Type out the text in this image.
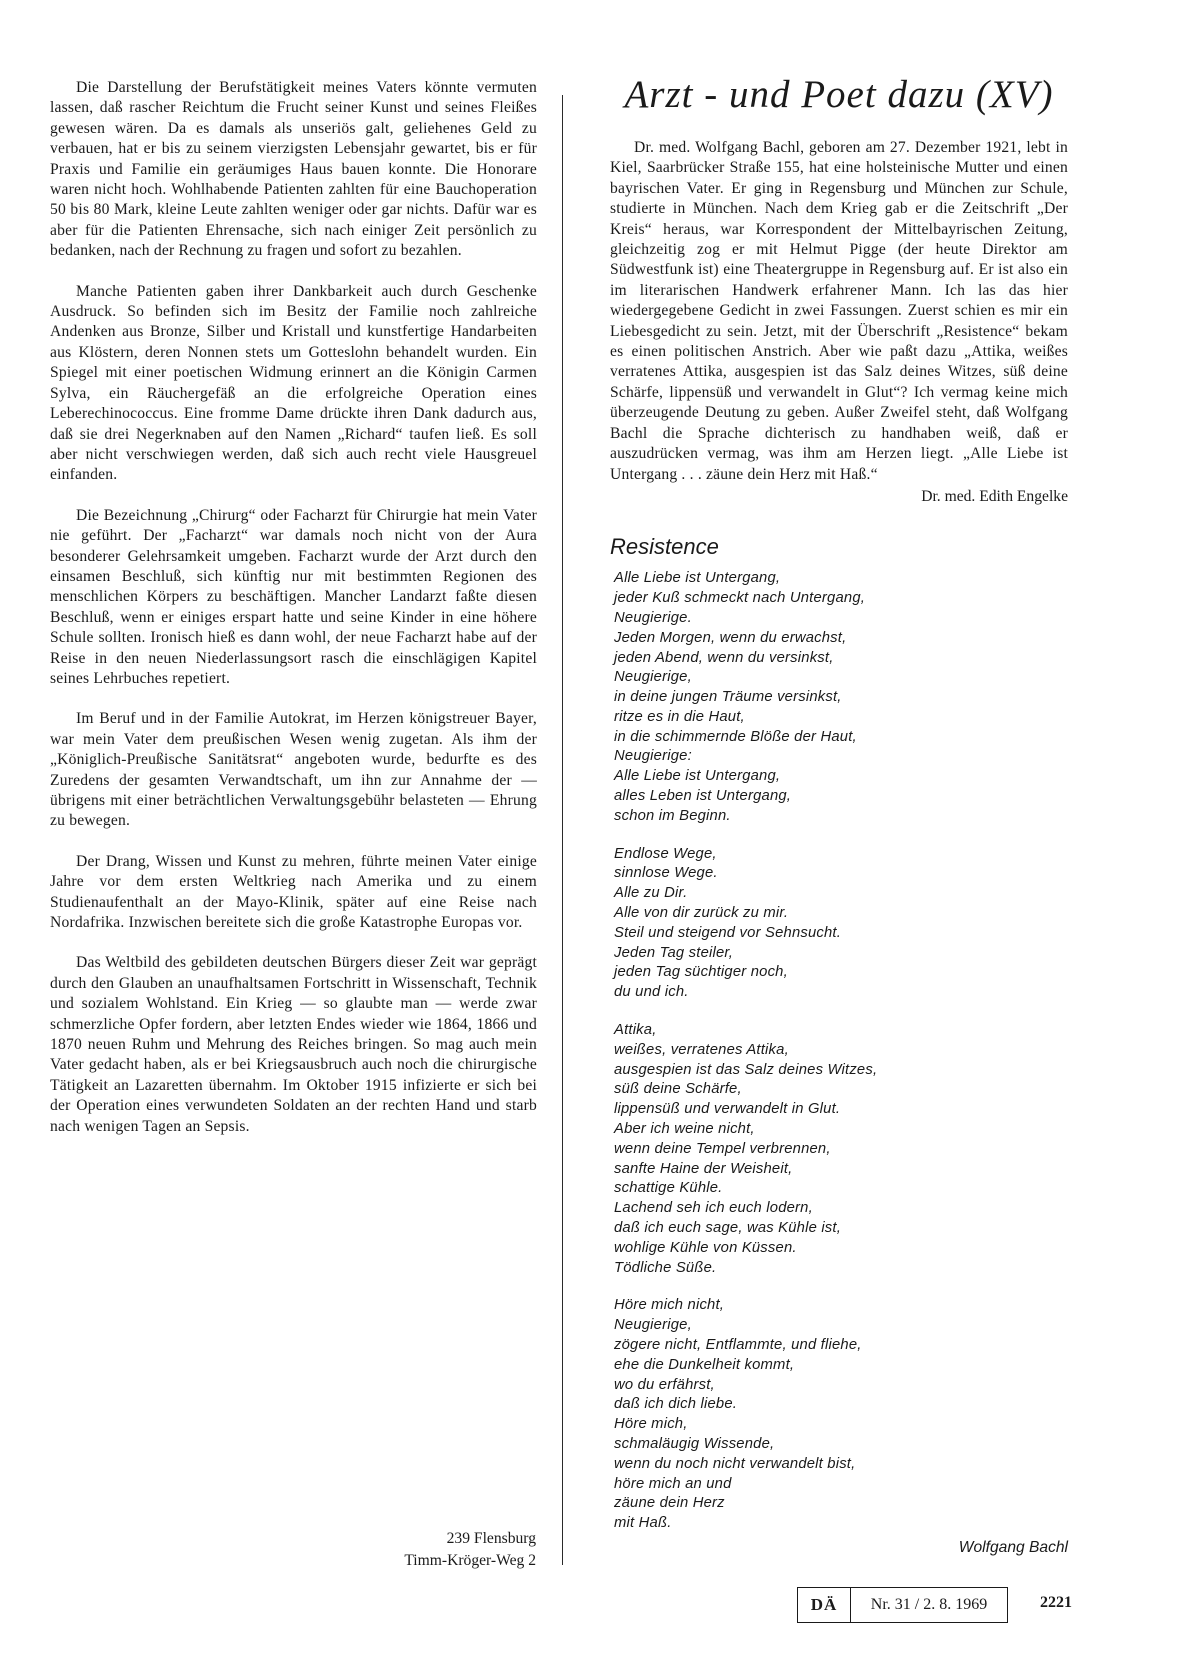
Die Darstellung der Berufstätigkeit meines Vaters könnte vermuten lassen, daß rascher Reichtum die Frucht seiner Kunst und seines Fleißes gewesen wären. Da es damals als unseriös galt, geliehenes Geld zu verbauen, hat er bis zu seinem vierzigsten Lebensjahr gewartet, bis er für Praxis und Familie ein geräumiges Haus bauen konnte. Die Honorare waren nicht hoch. Wohlhabende Patienten zahlten für eine Bauchoperation 50 bis 80 Mark, kleine Leute zahlten weniger oder gar nichts. Dafür war es aber für die Patienten Ehrensache, sich nach einiger Zeit persönlich zu bedanken, nach der Rechnung zu fragen und sofort zu bezahlen.

Manche Patienten gaben ihrer Dankbarkeit auch durch Geschenke Ausdruck. So befinden sich im Besitz der Familie noch zahlreiche Andenken aus Bronze, Silber und Kristall und kunstfertige Handarbeiten aus Klöstern, deren Nonnen stets um Gotteslohn behandelt wurden. Ein Spiegel mit einer poetischen Widmung erinnert an die Königin Carmen Sylva, ein Räuchergefäß an die erfolgreiche Operation eines Leberechinococcus. Eine fromme Dame drückte ihren Dank dadurch aus, daß sie drei Negerknaben auf den Namen „Richard“ taufen ließ. Es soll aber nicht verschwiegen werden, daß sich auch recht viele Hausgreuel einfanden.

Die Bezeichnung „Chirurg“ oder Facharzt für Chirurgie hat mein Vater nie geführt. Der „Facharzt“ war damals noch nicht von der Aura besonderer Gelehrsamkeit umgeben. Facharzt wurde der Arzt durch den einsamen Beschluß, sich künftig nur mit bestimmten Regionen des menschlichen Körpers zu beschäftigen. Mancher Landarzt faßte diesen Beschluß, wenn er einiges erspart hatte und seine Kinder in eine höhere Schule sollten. Ironisch hieß es dann wohl, der neue Facharzt habe auf der Reise in den neuen Niederlassungsort rasch die einschlägigen Kapitel seines Lehrbuches repetiert.

Im Beruf und in der Familie Autokrat, im Herzen königstreuer Bayer, war mein Vater dem preußischen Wesen wenig zugetan. Als ihm der „Königlich-Preußische Sanitätsrat“ angeboten wurde, bedurfte es des Zuredens der gesamten Verwandtschaft, um ihn zur Annahme der — übrigens mit einer beträchtlichen Verwaltungsgebühr belasteten — Ehrung zu bewegen.

Der Drang, Wissen und Kunst zu mehren, führte meinen Vater einige Jahre vor dem ersten Weltkrieg nach Amerika und zu einem Studienaufenthalt an der Mayo-Klinik, später auf eine Reise nach Nordafrika. Inzwischen bereitete sich die große Katastrophe Europas vor.

Das Weltbild des gebildeten deutschen Bürgers dieser Zeit war geprägt durch den Glauben an unaufhaltsamen Fortschritt in Wissenschaft, Technik und sozialem Wohlstand. Ein Krieg — so glaubte man — werde zwar schmerzliche Opfer fordern, aber letzten Endes wieder wie 1864, 1866 und 1870 neuen Ruhm und Mehrung des Reiches bringen. So mag auch mein Vater gedacht haben, als er bei Kriegsausbruch auch noch die chirurgische Tätigkeit an Lazaretten übernahm. Im Oktober 1915 infizierte er sich bei der Operation eines verwundeten Soldaten an der rechten Hand und starb nach wenigen Tagen an Sepsis.

239 Flensburg
Timm-Kröger-Weg 2
Arzt - und Poet dazu (XV)

Dr. med. Wolfgang Bachl, geboren am 27. Dezember 1921, lebt in Kiel, Saarbrücker Straße 155, hat eine holsteinische Mutter und einen bayrischen Vater. Er ging in Regensburg und München zur Schule, studierte in München. Nach dem Krieg gab er die Zeitschrift „Der Kreis“ heraus, war Korrespondent der Mittelbayrischen Zeitung, gleichzeitig zog er mit Helmut Pigge (der heute Direktor am Südwestfunk ist) eine Theatergruppe in Regensburg auf. Er ist also ein im literarischen Handwerk erfahrener Mann. Ich las das hier wiedergegebene Gedicht in zwei Fassungen. Zuerst schien es mir ein Liebesgedicht zu sein. Jetzt, mit der Überschrift „Resistence“ bekam es einen politischen Anstrich. Aber wie paßt dazu „Attika, weißes verratenes Attika, ausgespien ist das Salz deines Witzes, süß deine Schärfe, lippensüß und verwandelt in Glut“? Ich vermag keine mich überzeugende Deutung zu geben. Außer Zweifel steht, daß Wolfgang Bachl die Sprache dichterisch zu handhaben weiß, daß er auszudrücken vermag, was ihm am Herzen liegt. „Alle Liebe ist Untergang . . . zäune dein Herz mit Haß.“

Dr. med. Edith Engelke
Resistence
Alle Liebe ist Untergang,
jeder Kuß schmeckt nach Untergang,
Neugierige.
Jeden Morgen, wenn du erwachst,
jeden Abend, wenn du versinkst,
Neugierige,
in deine jungen Träume versinkst,
ritze es in die Haut,
in die schimmernde Blöße der Haut,
Neugierige:
Alle Liebe ist Untergang,
alles Leben ist Untergang,
schon im Beginn.
Endlose Wege,
sinnlose Wege.
Alle zu Dir.
Alle von dir zurück zu mir.
Steil und steigend vor Sehnsucht.
Jeden Tag steiler,
jeden Tag süchtiger noch,
du und ich.
Attika,
weißes, verratenes Attika,
ausgespien ist das Salz deines Witzes,
süß deine Schärfe,
lippensüß und verwandelt in Glut.
Aber ich weine nicht,
wenn deine Tempel verbrennen,
sanfte Haine der Weisheit,
schattige Kühle.
Lachend seh ich euch lodern,
daß ich euch sage, was Kühle ist,
wohlige Kühle von Küssen.
Tödliche Süße.
Höre mich nicht,
Neugierige,
zögere nicht, Entflammte, und fliehe,
ehe die Dunkelheit kommt,
wo du erfährst,
daß ich dich liebe.
Höre mich,
schmaläugig Wissende,
wenn du noch nicht verwandelt bist,
höre mich an und
zäune dein Herz
mit Haß.
Wolfgang Bachl
DÄ	Nr. 31 / 2. 8. 1969	2221
